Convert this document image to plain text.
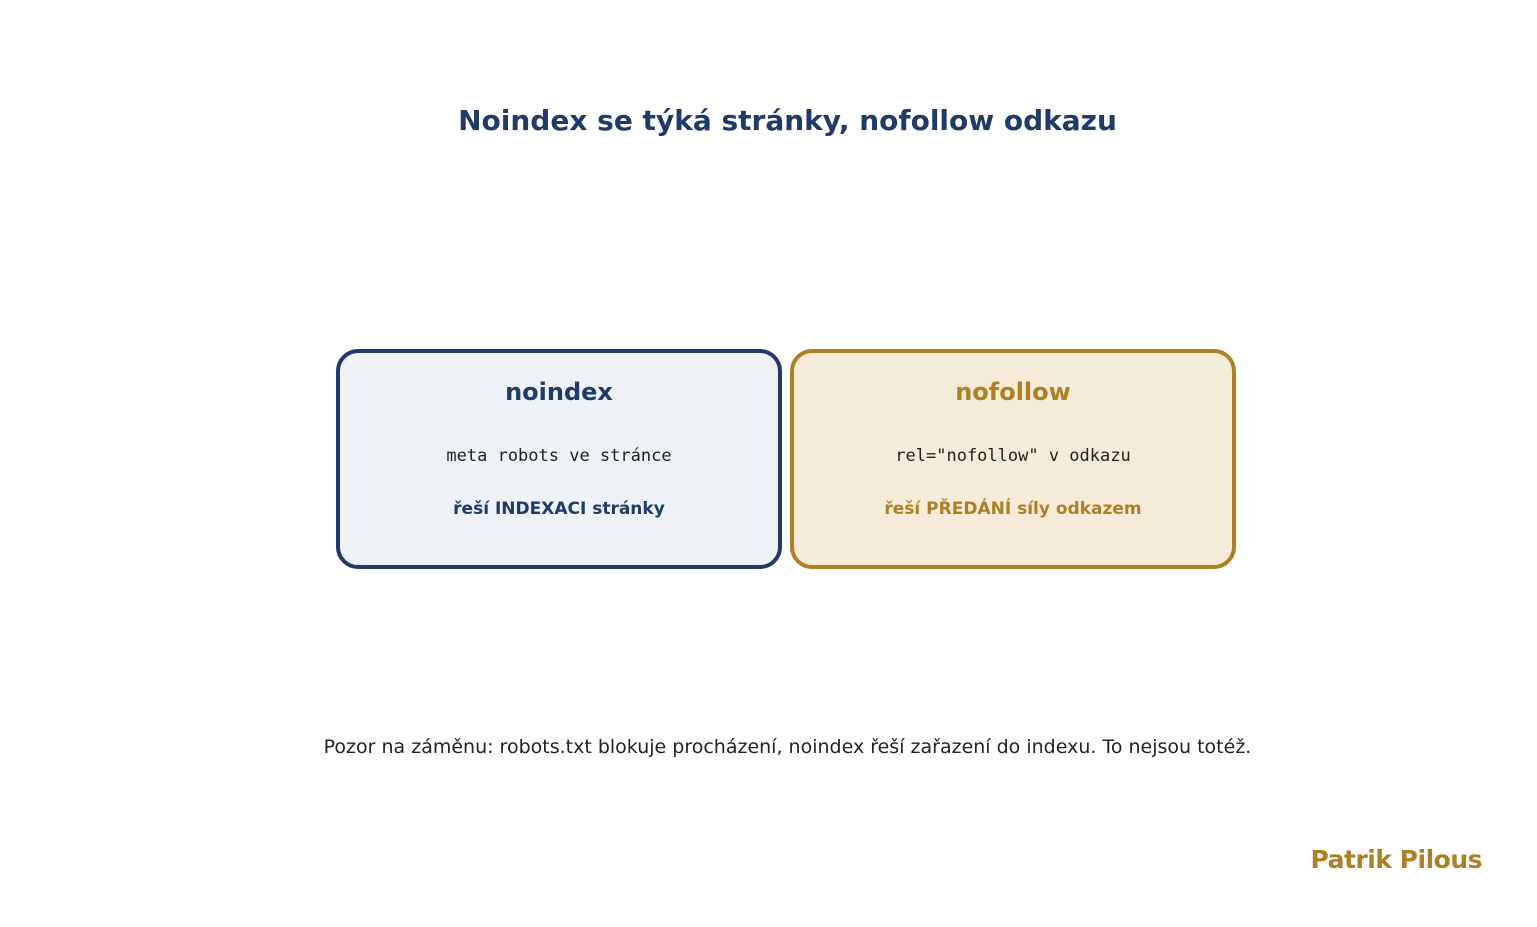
Noindex se týká stránky, nofollow odkazu
noindex
meta robots ve stránce
řeší INDEXACI stránky
nofollow
rel="nofollow" v odkazu
řeší PŘEDÁNÍ síly odkazem
Pozor na záměnu: robots.txt blokuje procházení, noindex řeší zařazení do indexu. To nejsou totéž.
Patrik Pilous
